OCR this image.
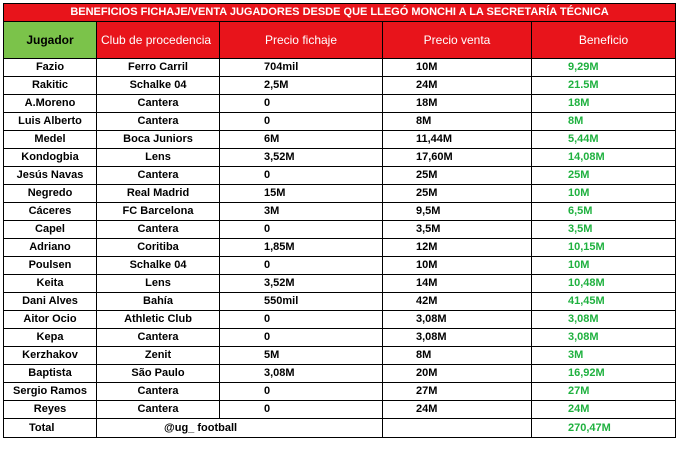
BENEFICIOS FICHAJE/VENTA JUGADORES DESDE QUE LLEGÓ MONCHI A LA SECRETARÍA TÉCNICA				
Jugador	Club de procedencia	Precio fichaje	Precio venta	Beneficio
Fazio	Ferro Carril	704mil	10M	9,29M
Rakitic	Schalke 04	2,5M	24M	21.5M
A.Moreno	Cantera	0	18M	18M
Luis Alberto	Cantera	0	8M	8M
Medel	Boca Juniors	6M	11,44M	5,44M
Kondogbia	Lens	3,52M	17,60M	14,08M
Jesús Navas	Cantera	0	25M	25M
Negredo	Real Madrid	15M	25M	10M
Cáceres	FC Barcelona	3M	9,5M	6,5M
Capel	Cantera	0	3,5M	3,5M
Adriano	Coritiba	1,85M	12M	10,15M
Poulsen	Schalke 04	0	10M	10M
Keita	Lens	3,52M	14M	10,48M
Dani Alves	Bahía	550mil	42M	41,45M
Aitor Ocio	Athletic Club	0	3,08M	3,08M
Kepa	Cantera	0	3,08M	3,08M
Kerzhakov	Zenit	5M	8M	3M
Baptista	São Paulo	3,08M	20M	16,92M
Sergio Ramos	Cantera	0	27M	27M
Reyes	Cantera	0	24M	24M
Total	@ug_ football			270,47M
